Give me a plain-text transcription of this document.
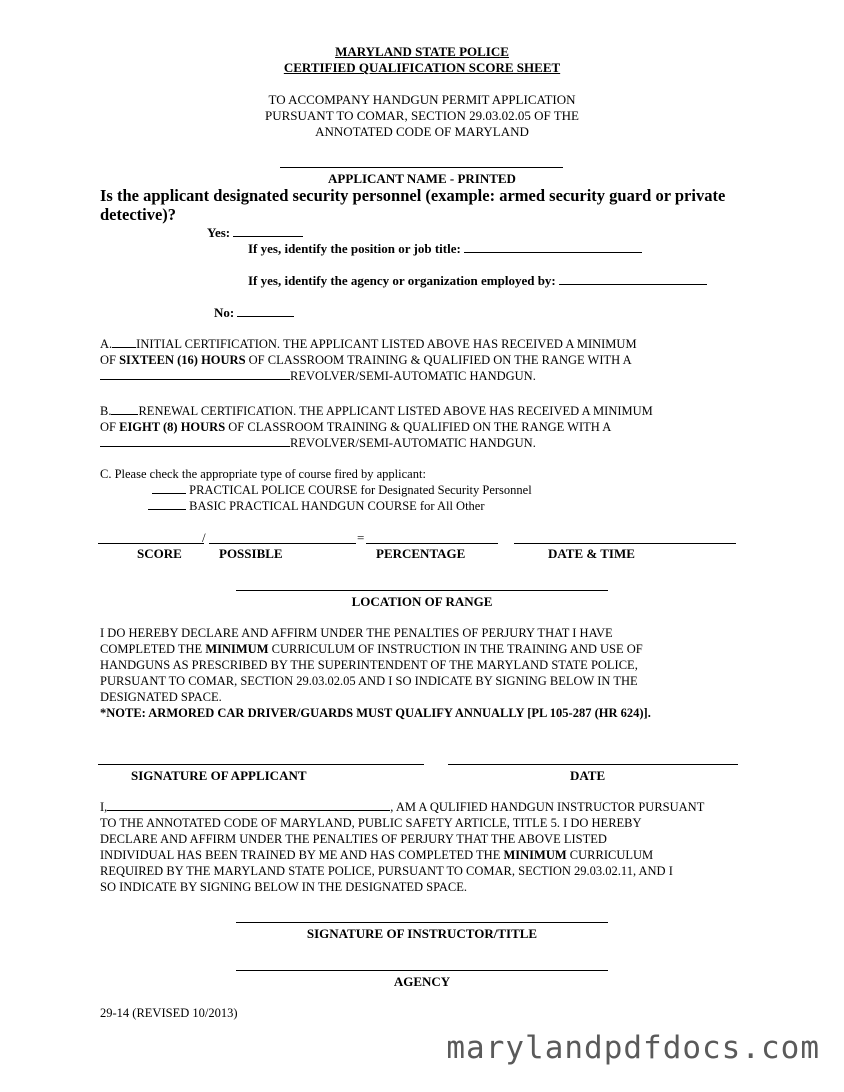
MARYLAND STATE POLICE
CERTIFIED QUALIFICATION SCORE SHEET
TO ACCOMPANY HANDGUN PERMIT APPLICATION
PURSUANT TO COMAR, SECTION 29.03.02.05 OF THE
ANNOTATED CODE OF MARYLAND
APPLICANT NAME - PRINTED
Is the applicant designated security personnel (example: armed security guard or private detective)?
Yes:
If yes, identify the position or job title:
If yes, identify the agency or organization employed by:
No:
A. INITIAL CERTIFICATION. THE APPLICANT LISTED ABOVE HAS RECEIVED A MINIMUM
OF SIXTEEN (16) HOURS OF CLASSROOM TRAINING & QUALIFIED ON THE RANGE WITH A
REVOLVER/SEMI-AUTOMATIC HANDGUN.
B. RENEWAL CERTIFICATION. THE APPLICANT LISTED ABOVE HAS RECEIVED A MINIMUM
OF EIGHT (8) HOURS OF CLASSROOM TRAINING & QUALIFIED ON THE RANGE WITH A
REVOLVER/SEMI-AUTOMATIC HANDGUN.
C. Please check the appropriate type of course fired by applicant:
PRACTICAL POLICE COURSE for Designated Security Personnel
BASIC PRACTICAL HANDGUN COURSE for All Other
/	=
SCORE	POSSIBLE	PERCENTAGE	DATE & TIME
LOCATION OF RANGE
I DO HEREBY DECLARE AND AFFIRM UNDER THE PENALTIES OF PERJURY THAT I HAVE
COMPLETED THE MINIMUM CURRICULUM OF INSTRUCTION IN THE TRAINING AND USE OF
HANDGUNS AS PRESCRIBED BY THE SUPERINTENDENT OF THE MARYLAND STATE POLICE,
PURSUANT TO COMAR, SECTION 29.03.02.05 AND I SO INDICATE BY SIGNING BELOW IN THE
DESIGNATED SPACE.
*NOTE: ARMORED CAR DRIVER/GUARDS MUST QUALIFY ANNUALLY [PL 105-287 (HR 624)].
SIGNATURE OF APPLICANT	DATE
I,	, AM A QULIFIED HANDGUN INSTRUCTOR PURSUANT
TO THE ANNOTATED CODE OF MARYLAND, PUBLIC SAFETY ARTICLE, TITLE 5. I DO HEREBY
DECLARE AND AFFIRM UNDER THE PENALTIES OF PERJURY THAT THE ABOVE LISTED
INDIVIDUAL HAS BEEN TRAINED BY ME AND HAS COMPLETED THE MINIMUM CURRICULUM
REQUIRED BY THE MARYLAND STATE POLICE, PURSUANT TO COMAR, SECTION 29.03.02.11, AND I
SO INDICATE BY SIGNING BELOW IN THE DESIGNATED SPACE.
SIGNATURE OF INSTRUCTOR/TITLE
AGENCY
29-14 (REVISED 10/2013)
marylandpdfdocs.com
